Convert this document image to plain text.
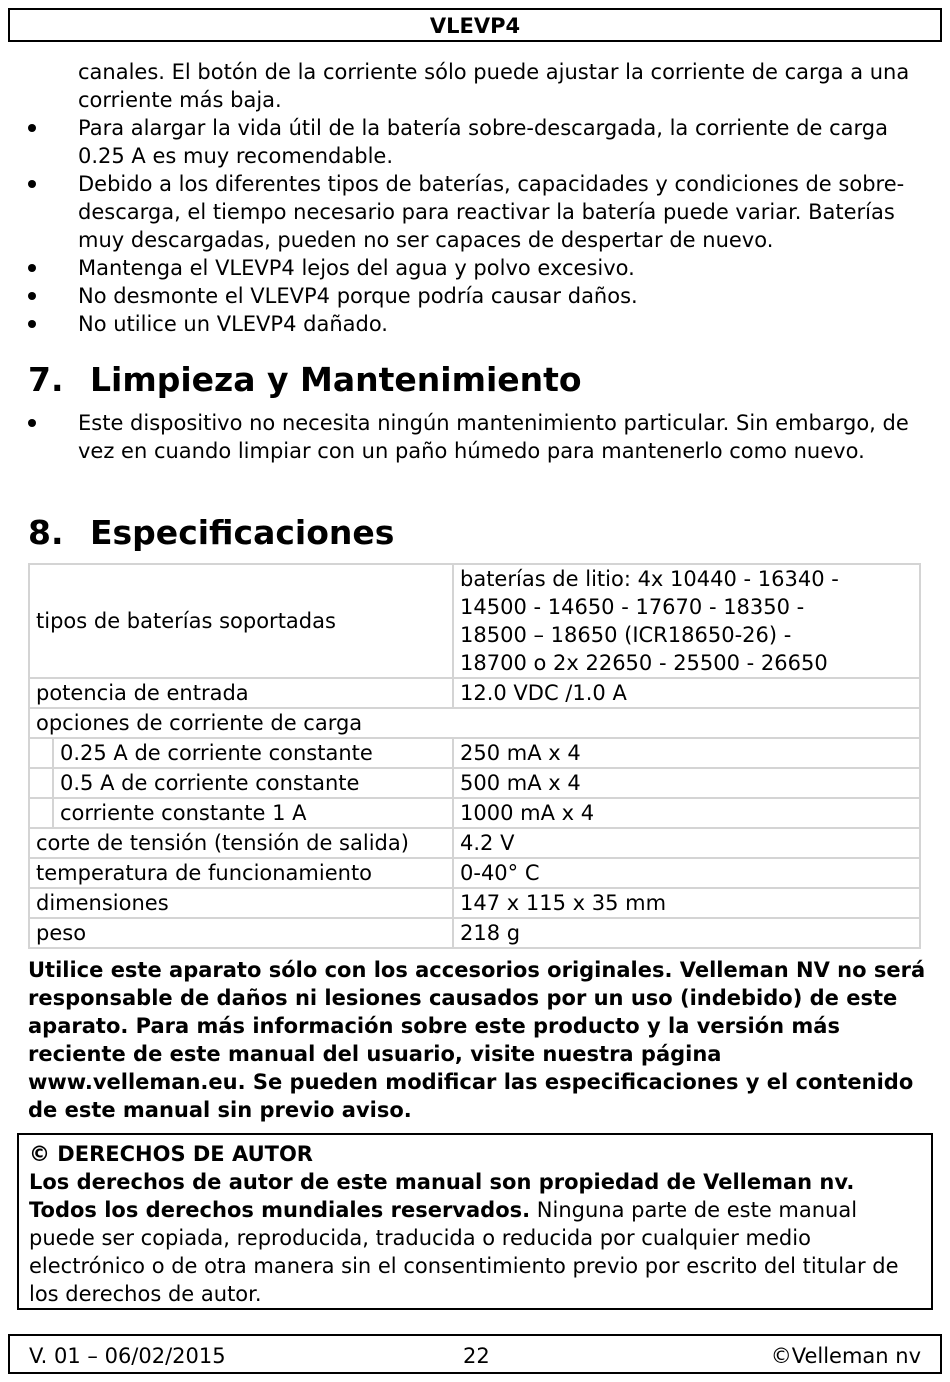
VLEVP4
canales. El botón de la corriente sólo puede ajustar la corriente de carga a una corriente más baja.
Para alargar la vida útil de la batería sobre-descargada, la corriente de carga 0.25 A es muy recomendable.
Debido a los diferentes tipos de baterías, capacidades y condiciones de sobre-descarga, el tiempo necesario para reactivar la batería puede variar. Baterías muy descargadas, pueden no ser capaces de despertar de nuevo.
Mantenga el VLEVP4 lejos del agua y polvo excesivo.
No desmonte el VLEVP4 porque podría causar daños.
No utilice un VLEVP4 dañado.
7. Limpieza y Mantenimiento
Este dispositivo no necesita ningún mantenimiento particular. Sin embargo, de vez en cuando limpiar con un paño húmedo para mantenerlo como nuevo.
8. Especificaciones
tipos de baterías soportadas		baterías de litio: 4x 10440 - 16340 -
14500 - 14650 - 17670 - 18350 -
18500 – 18650 (ICR18650-26) -
18700 o 2x 22650 - 25500 - 26650

potencia de entrada		12.0 VDC /1.0 A
opciones de corriente de carga		
	0.25 A de corriente constante	250 mA x 4
	0.5 A de corriente constante	500 mA x 4
	corriente constante 1 A	1000 mA x 4
corte de tensión (tensión de salida)		4.2 V
temperatura de funcionamiento		0-40° C
dimensiones		147 x 115 x 35 mm
peso		218 g
Utilice este aparato sólo con los accesorios originales. Velleman NV no será responsable de daños ni lesiones causados por un uso (indebido) de este aparato. Para más información sobre este producto y la versión más reciente de este manual del usuario, visite nuestra página www.velleman.eu. Se pueden modificar las especificaciones y el contenido de este manual sin previo aviso.
© DERECHOS DE AUTOR
Los derechos de autor de este manual son propiedad de Velleman nv. Todos los derechos mundiales reservados. Ninguna parte de este manual puede ser copiada, reproducida, traducida o reducida por cualquier medio electrónico o de otra manera sin el consentimiento previo por escrito del titular de los derechos de autor.
V. 01 – 06/02/2015	22	©Velleman nv
